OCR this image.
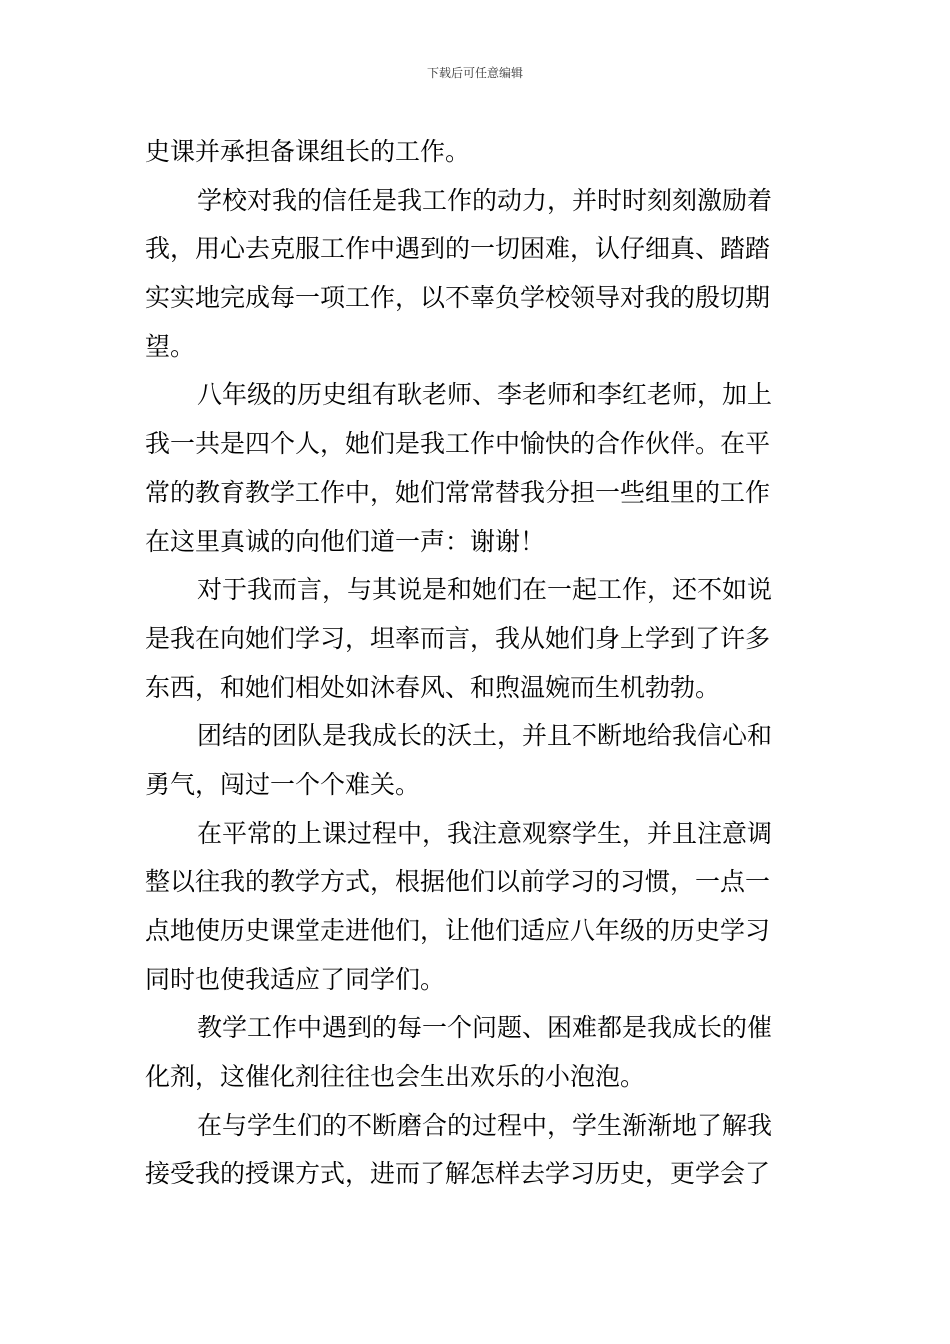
下载后可任意编辑
史课并承担备课组长的工作。
学校对我的信任是我工作的动力，并时时刻刻激励着
我，用心去克服工作中遇到的一切困难，认仔细真、踏踏
实实地完成每一项工作，以不辜负学校领导对我的殷切期
望。
八年级的历史组有耿老师、李老师和李红老师，加上
我一共是四个人，她们是我工作中愉快的合作伙伴。在平
常的教育教学工作中，她们常常替我分担一些组里的工作
在这里真诚的向他们道一声：谢谢！
对于我而言，与其说是和她们在一起工作，还不如说
是我在向她们学习，坦率而言，我从她们身上学到了许多
东西，和她们相处如沐春风、和煦温婉而生机勃勃。
团结的团队是我成长的沃土，并且不断地给我信心和
勇气，闯过一个个难关。
在平常的上课过程中，我注意观察学生，并且注意调
整以往我的教学方式，根据他们以前学习的习惯，一点一
点地使历史课堂走进他们，让他们适应八年级的历史学习
同时也使我适应了同学们。
教学工作中遇到的每一个问题、困难都是我成长的催
化剂，这催化剂往往也会生出欢乐的小泡泡。
在与学生们的不断磨合的过程中，学生渐渐地了解我
接受我的授课方式，进而了解怎样去学习历史，更学会了
